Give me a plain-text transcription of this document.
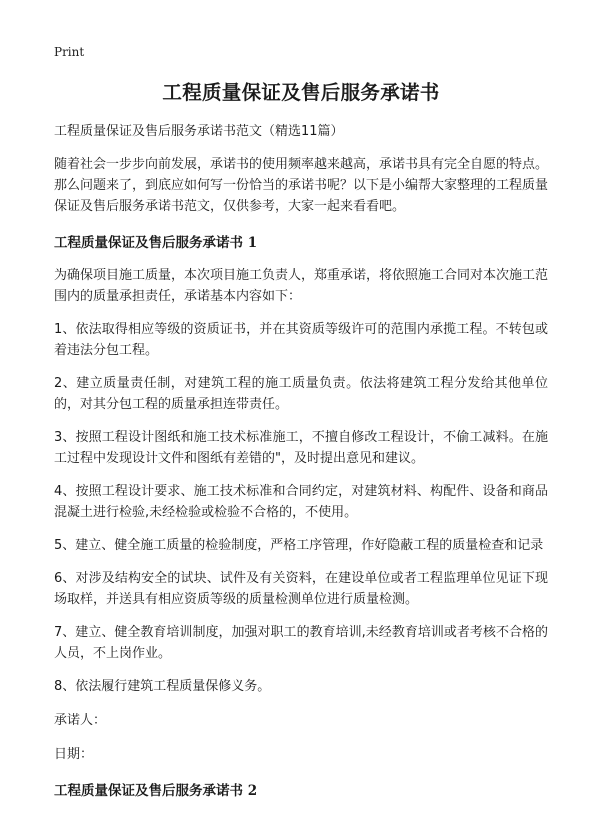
Print
工程质量保证及售后服务承诺书

工程质量保证及售后服务承诺书范文（精选11篇）

随着社会一步步向前发展，承诺书的使用频率越来越高，承诺书具有完全自愿的特点。那么问题来了，到底应如何写一份恰当的承诺书呢？以下是小编帮大家整理的工程质量保证及售后服务承诺书范文，仅供参考，大家一起来看看吧。

工程质量保证及售后服务承诺书 1

为确保项目施工质量，本次项目施工负责人，郑重承诺，将依照施工合同对本次施工范围内的质量承担责任，承诺基本内容如下：

1、依法取得相应等级的资质证书，并在其资质等级许可的范围内承揽工程。不转包或着违法分包工程。

2、建立质量责任制，对建筑工程的施工质量负责。依法将建筑工程分发给其他单位的，对其分包工程的质量承担连带责任。

3、按照工程设计图纸和施工技术标准施工，不擅自修改工程设计，不偷工减料。在施工过程中发现设计文件和图纸有差错的"，及时提出意见和建议。

4、按照工程设计要求、施工技术标准和合同约定，对建筑材料、构配件、设备和商品混凝土进行检验,未经检验或检验不合格的，不使用。

5、建立、健全施工质量的检验制度，严格工序管理，作好隐蔽工程的质量检查和记录

6、对涉及结构安全的试块、试件及有关资料，在建设单位或者工程监理单位见证下现场取样，并送具有相应资质等级的质量检测单位进行质量检测。

7、建立、健全教育培训制度，加强对职工的教育培训,未经教育培训或者考核不合格的人员，不上岗作业。

8、依法履行建筑工程质量保修义务。

承诺人：

日期：

工程质量保证及售后服务承诺书 2
